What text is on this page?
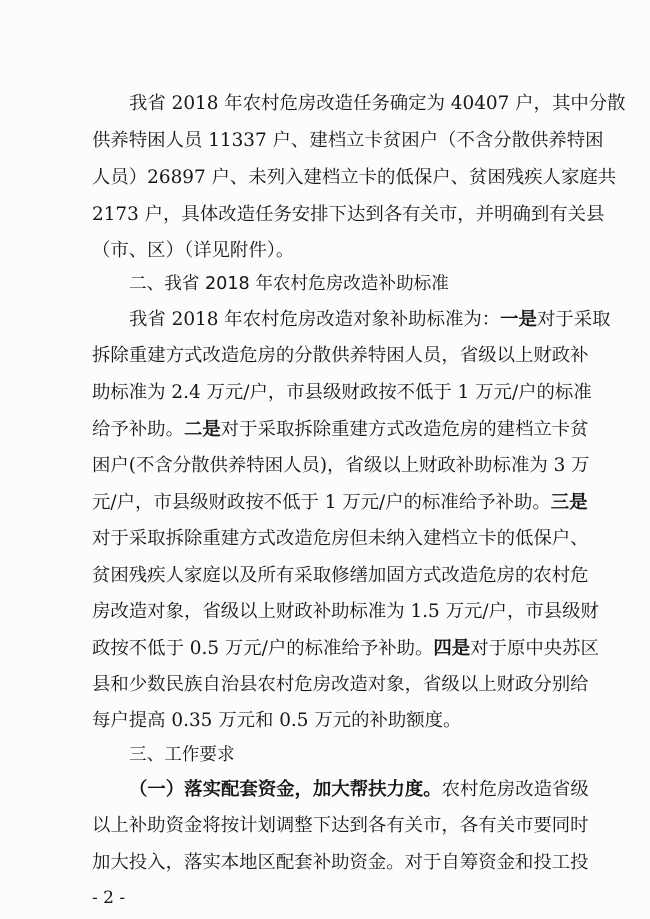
我省 2018 年农村危房改造任务确定为 40407 户，其中分散
供养特困人员 11337 户、建档立卡贫困户（不含分散供养特困
人员）26897 户、未列入建档立卡的低保户、贫困残疾人家庭共
2173 户，具体改造任务安排下达到各有关市，并明确到有关县
（市、区）（详见附件）。
二、我省 2018 年农村危房改造补助标准
我省 2018 年农村危房改造对象补助标准为：一是对于采取
拆除重建方式改造危房的分散供养特困人员，省级以上财政补
助标准为 2.4 万元/户，市县级财政按不低于 1 万元/户的标准
给予补助。二是对于采取拆除重建方式改造危房的建档立卡贫
困户(不含分散供养特困人员)，省级以上财政补助标准为 3 万
元/户，市县级财政按不低于 1 万元/户的标准给予补助。三是
对于采取拆除重建方式改造危房但未纳入建档立卡的低保户、
贫困残疾人家庭以及所有采取修缮加固方式改造危房的农村危
房改造对象，省级以上财政补助标准为 1.5 万元/户，市县级财
政按不低于 0.5 万元/户的标准给予补助。四是对于原中央苏区
县和少数民族自治县农村危房改造对象，省级以上财政分别给
每户提高 0.35 万元和 0.5 万元的补助额度。
三、工作要求
（一）落实配套资金，加大帮扶力度。农村危房改造省级
以上补助资金将按计划调整下达到各有关市，各有关市要同时
加大投入，落实本地区配套补助资金。对于自筹资金和投工投
- 2 -
